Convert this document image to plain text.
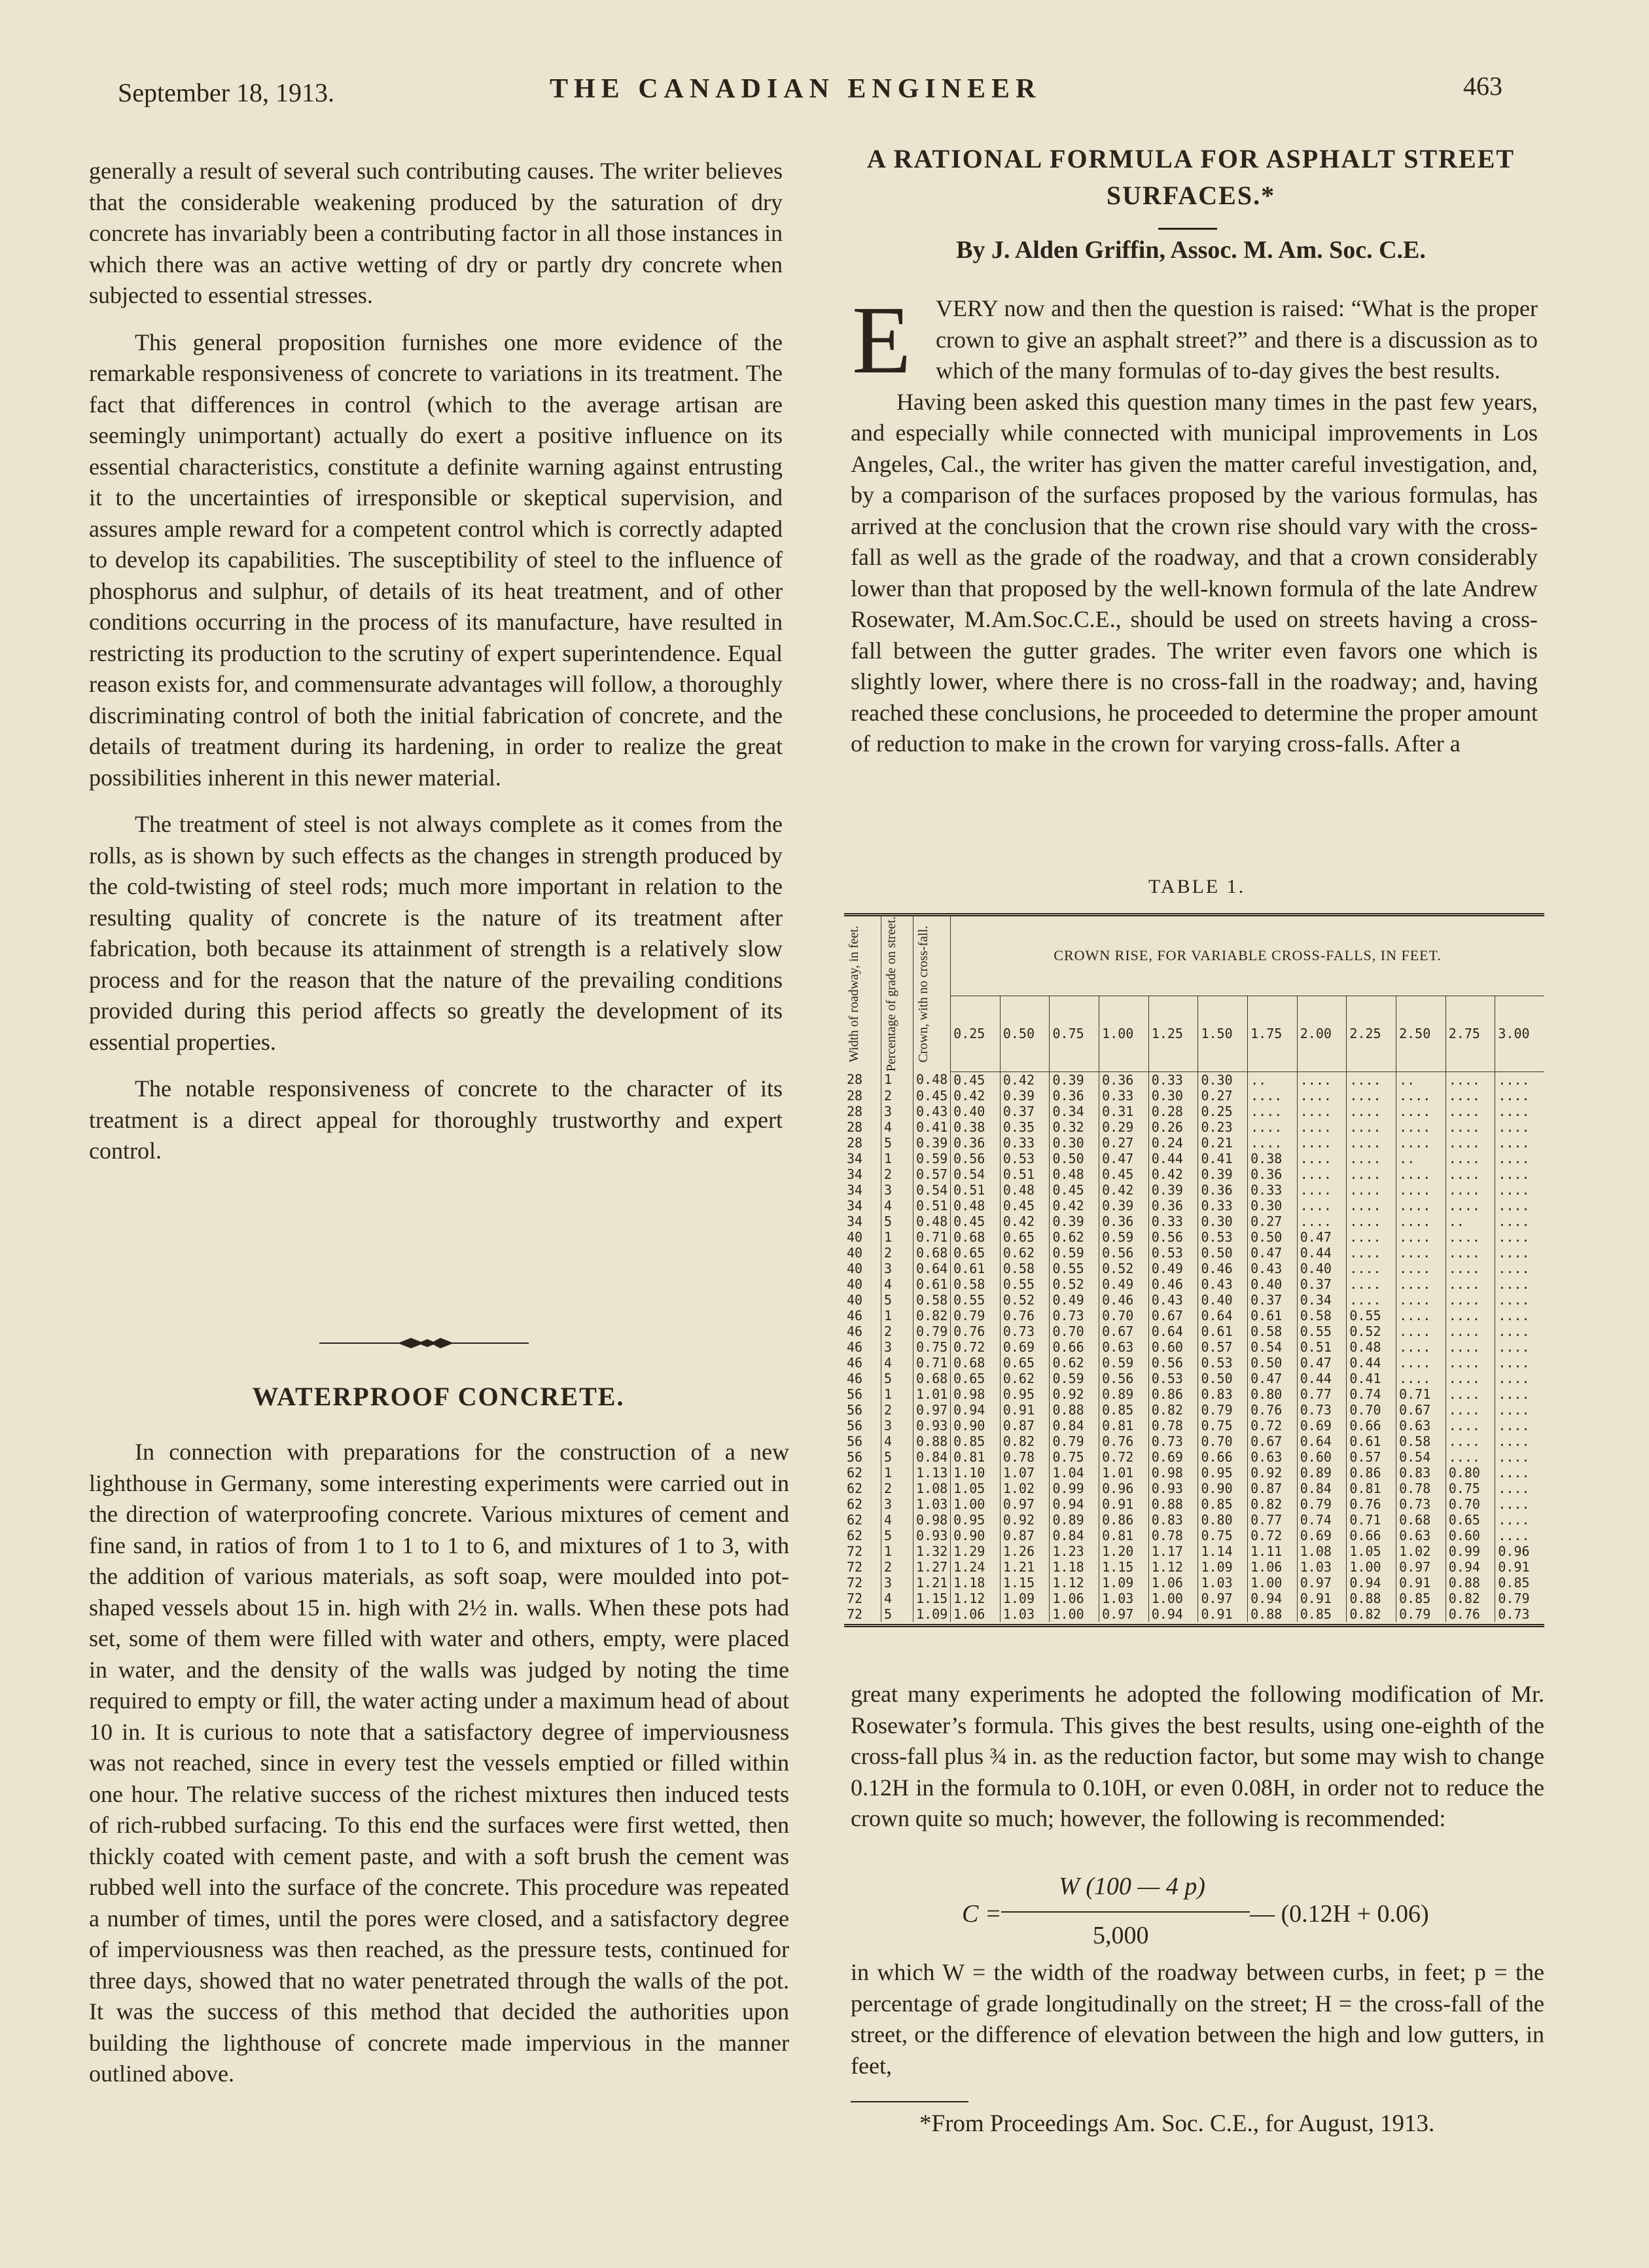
September 18, 1913.	THE CANADIAN ENGINEER	463

generally a result of several such contributing causes. The writer believes that the considerable weakening produced by the saturation of dry concrete has invariably been a contributing factor in all those instances in which there was an active wetting of dry or partly dry concrete when subjected to essential stresses.

This general proposition furnishes one more evidence of the remarkable responsiveness of concrete to variations in its treatment. The fact that differences in control (which to the average artisan are seemingly unimportant) actually do exert a positive influence on its essential characteristics, constitute a definite warning against entrusting it to the uncertainties of irresponsible or skeptical supervision, and assures ample reward for a competent control which is correctly adapted to develop its capabilities. The susceptibility of steel to the influence of phosphorus and sulphur, of details of its heat treatment, and of other conditions occurring in the process of its manufacture, have resulted in restricting its production to the scrutiny of expert superintendence. Equal reason exists for, and commensurate advantages will follow, a thoroughly discriminating control of both the initial fabrication of concrete, and the details of treatment during its hardening, in order to realize the great possibilities inherent in this newer material.

The treatment of steel is not always complete as it comes from the rolls, as is shown by such effects as the changes in strength produced by the cold-twisting of steel rods; much more important in relation to the resulting quality of concrete is the nature of its treatment after fabrication, both because its attainment of strength is a relatively slow process and for the reason that the nature of the prevailing conditions provided during this period affects so greatly the development of its essential properties.

The notable responsiveness of concrete to the character of its treatment is a direct appeal for thoroughly trustworthy and expert control.

WATERPROOF CONCRETE.

In connection with preparations for the construction of a new lighthouse in Germany, some interesting experiments were carried out in the direction of waterproofing concrete. Various mixtures of cement and fine sand, in ratios of from 1 to 1 to 1 to 6, and mixtures of 1 to 3, with the addition of various materials, as soft soap, were moulded into pot-shaped vessels about 15 in. high with 2½ in. walls. When these pots had set, some of them were filled with water and others, empty, were placed in water, and the density of the walls was judged by noting the time required to empty or fill, the water acting under a maximum head of about 10 in. It is curious to note that a satisfactory degree of imperviousness was not reached, since in every test the vessels emptied or filled within one hour. The relative success of the richest mixtures then induced tests of rich-rubbed surfacing. To this end the surfaces were first wetted, then thickly coated with cement paste, and with a soft brush the cement was rubbed well into the surface of the concrete. This procedure was repeated a number of times, until the pores were closed, and a satisfactory degree of imperviousness was then reached, as the pressure tests, continued for three days, showed that no water penetrated through the walls of the pot. It was the success of this method that decided the authorities upon building the lighthouse of concrete made impervious in the manner outlined above.

A RATIONAL FORMULA FOR ASPHALT STREET SURFACES.*
By J. Alden Griffin, Assoc. M. Am. Soc. C.E.
E VERY now and then the question is raised: “What is the proper crown to give an asphalt street?” and there is a discussion as to which of the many formulas of to-day gives the best results.

Having been asked this question many times in the past few years, and especially while connected with municipal improvements in Los Angeles, Cal., the writer has given the matter careful investigation, and, by a comparison of the surfaces proposed by the various formulas, has arrived at the conclusion that the crown rise should vary with the cross-fall as well as the grade of the roadway, and that a crown considerably lower than that proposed by the well-known formula of the late Andrew Rosewater, M.Am.Soc.C.E., should be used on streets having a cross-fall between the gutter grades. The writer even favors one which is slightly lower, where there is no cross-fall in the roadway; and, having reached these conclusions, he proceeded to determine the proper amount of reduction to make in the crown for varying cross-falls. After a

TABLE 1.
Width of roadway, in feet.	Percentage of grade on street.	Crown, with no cross-fall.	CROWN RISE, FOR VARIABLE CROSS-FALLS, IN FEET.											
			0.25	0.50	0.75	1.00	1.25	1.50	1.75	2.00	2.25	2.50	2.75	3.00
28	1	0.48	0.45	0.42	0.39	0.36	0.33	0.30	..	....	....	..	....	....
28	2	0.45	0.42	0.39	0.36	0.33	0.30	0.27	....	....	....	....	....	....
28	3	0.43	0.40	0.37	0.34	0.31	0.28	0.25	....	....	....	....	....	....
28	4	0.41	0.38	0.35	0.32	0.29	0.26	0.23	....	....	....	....	....	....
28	5	0.39	0.36	0.33	0.30	0.27	0.24	0.21	....	....	....	....	....	....
34	1	0.59	0.56	0.53	0.50	0.47	0.44	0.41	0.38	....	....	..	....	....
34	2	0.57	0.54	0.51	0.48	0.45	0.42	0.39	0.36	....	....	....	....	....
34	3	0.54	0.51	0.48	0.45	0.42	0.39	0.36	0.33	....	....	....	....	....
34	4	0.51	0.48	0.45	0.42	0.39	0.36	0.33	0.30	....	....	....	....	....
34	5	0.48	0.45	0.42	0.39	0.36	0.33	0.30	0.27	....	....	....	..	....
40	1	0.71	0.68	0.65	0.62	0.59	0.56	0.53	0.50	0.47	....	....	....	....
40	2	0.68	0.65	0.62	0.59	0.56	0.53	0.50	0.47	0.44	....	....	....	....
40	3	0.64	0.61	0.58	0.55	0.52	0.49	0.46	0.43	0.40	....	....	....	....
40	4	0.61	0.58	0.55	0.52	0.49	0.46	0.43	0.40	0.37	....	....	....	....
40	5	0.58	0.55	0.52	0.49	0.46	0.43	0.40	0.37	0.34	....	....	....	....
46	1	0.82	0.79	0.76	0.73	0.70	0.67	0.64	0.61	0.58	0.55	....	....	....
46	2	0.79	0.76	0.73	0.70	0.67	0.64	0.61	0.58	0.55	0.52	....	....	....
46	3	0.75	0.72	0.69	0.66	0.63	0.60	0.57	0.54	0.51	0.48	....	....	....
46	4	0.71	0.68	0.65	0.62	0.59	0.56	0.53	0.50	0.47	0.44	....	....	....
46	5	0.68	0.65	0.62	0.59	0.56	0.53	0.50	0.47	0.44	0.41	....	....	....
56	1	1.01	0.98	0.95	0.92	0.89	0.86	0.83	0.80	0.77	0.74	0.71	....	....
56	2	0.97	0.94	0.91	0.88	0.85	0.82	0.79	0.76	0.73	0.70	0.67	....	....
56	3	0.93	0.90	0.87	0.84	0.81	0.78	0.75	0.72	0.69	0.66	0.63	....	....
56	4	0.88	0.85	0.82	0.79	0.76	0.73	0.70	0.67	0.64	0.61	0.58	....	....
56	5	0.84	0.81	0.78	0.75	0.72	0.69	0.66	0.63	0.60	0.57	0.54	....	....
62	1	1.13	1.10	1.07	1.04	1.01	0.98	0.95	0.92	0.89	0.86	0.83	0.80	....
62	2	1.08	1.05	1.02	0.99	0.96	0.93	0.90	0.87	0.84	0.81	0.78	0.75	....
62	3	1.03	1.00	0.97	0.94	0.91	0.88	0.85	0.82	0.79	0.76	0.73	0.70	....
62	4	0.98	0.95	0.92	0.89	0.86	0.83	0.80	0.77	0.74	0.71	0.68	0.65	....
62	5	0.93	0.90	0.87	0.84	0.81	0.78	0.75	0.72	0.69	0.66	0.63	0.60	....
72	1	1.32	1.29	1.26	1.23	1.20	1.17	1.14	1.11	1.08	1.05	1.02	0.99	0.96
72	2	1.27	1.24	1.21	1.18	1.15	1.12	1.09	1.06	1.03	1.00	0.97	0.94	0.91
72	3	1.21	1.18	1.15	1.12	1.09	1.06	1.03	1.00	0.97	0.94	0.91	0.88	0.85
72	4	1.15	1.12	1.09	1.06	1.03	1.00	0.97	0.94	0.91	0.88	0.85	0.82	0.79
72	5	1.09	1.06	1.03	1.00	0.97	0.94	0.91	0.88	0.85	0.82	0.79	0.76	0.73

great many experiments he adopted the following modification of Mr. Rosewater’s formula. This gives the best results, using one-eighth of the cross-fall plus ¾ in. as the reduction factor, but some may wish to change 0.12H in the formula to 0.10H, or even 0.08H, in order not to reduce the crown quite so much; however, the following is recommended:

C =
W (100 — 4 p)
— (0.12H + 0.06)
5,000

in which W = the width of the roadway between curbs, in feet; p = the percentage of grade longitudinally on the street; H = the cross-fall of the street, or the difference of elevation between the high and low gutters, in feet,

*From Proceedings Am. Soc. C.E., for August, 1913.
